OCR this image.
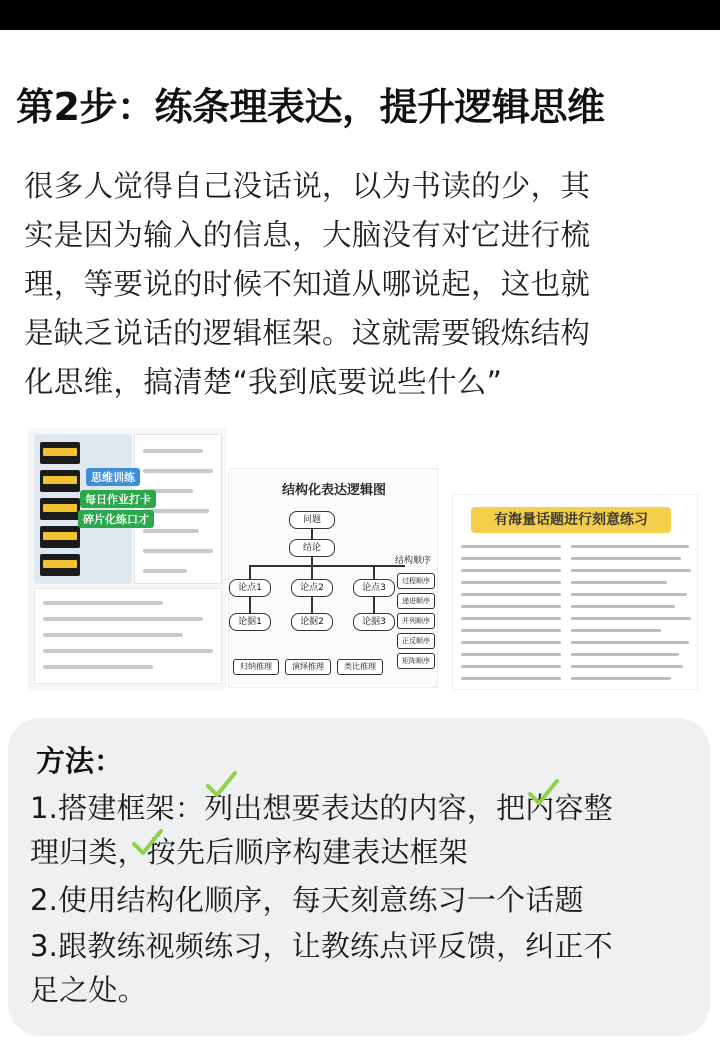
第2步：练条理表达，提升逻辑思维
很多人觉得自己没话说，以为书读的少，其
实是因为输入的信息，大脑没有对它进行梳
理，等要说的时候不知道从哪说起，这也就
是缺乏说话的逻辑框架。这就需要锻炼结构
化思维，搞清楚“我到底要说些什么”
思维训练
每日作业打卡
碎片化练口才
结构化表达逻辑图
问题
结论
论点1	论点2	论点3
论据1	论据2	论据3
归纳推理	演绎推理	类比推理
结构顺序
过程顺序
递进顺序
并列顺序
正反顺序
矩阵顺序
有海量话题进行刻意练习
方法：
1.搭建框架：列出想要表达的内容，把内容整
理归类，按先后顺序构建表达框架
2.使用结构化顺序，每天刻意练习一个话题
3.跟教练视频练习，让教练点评反馈，纠正不
足之处。
